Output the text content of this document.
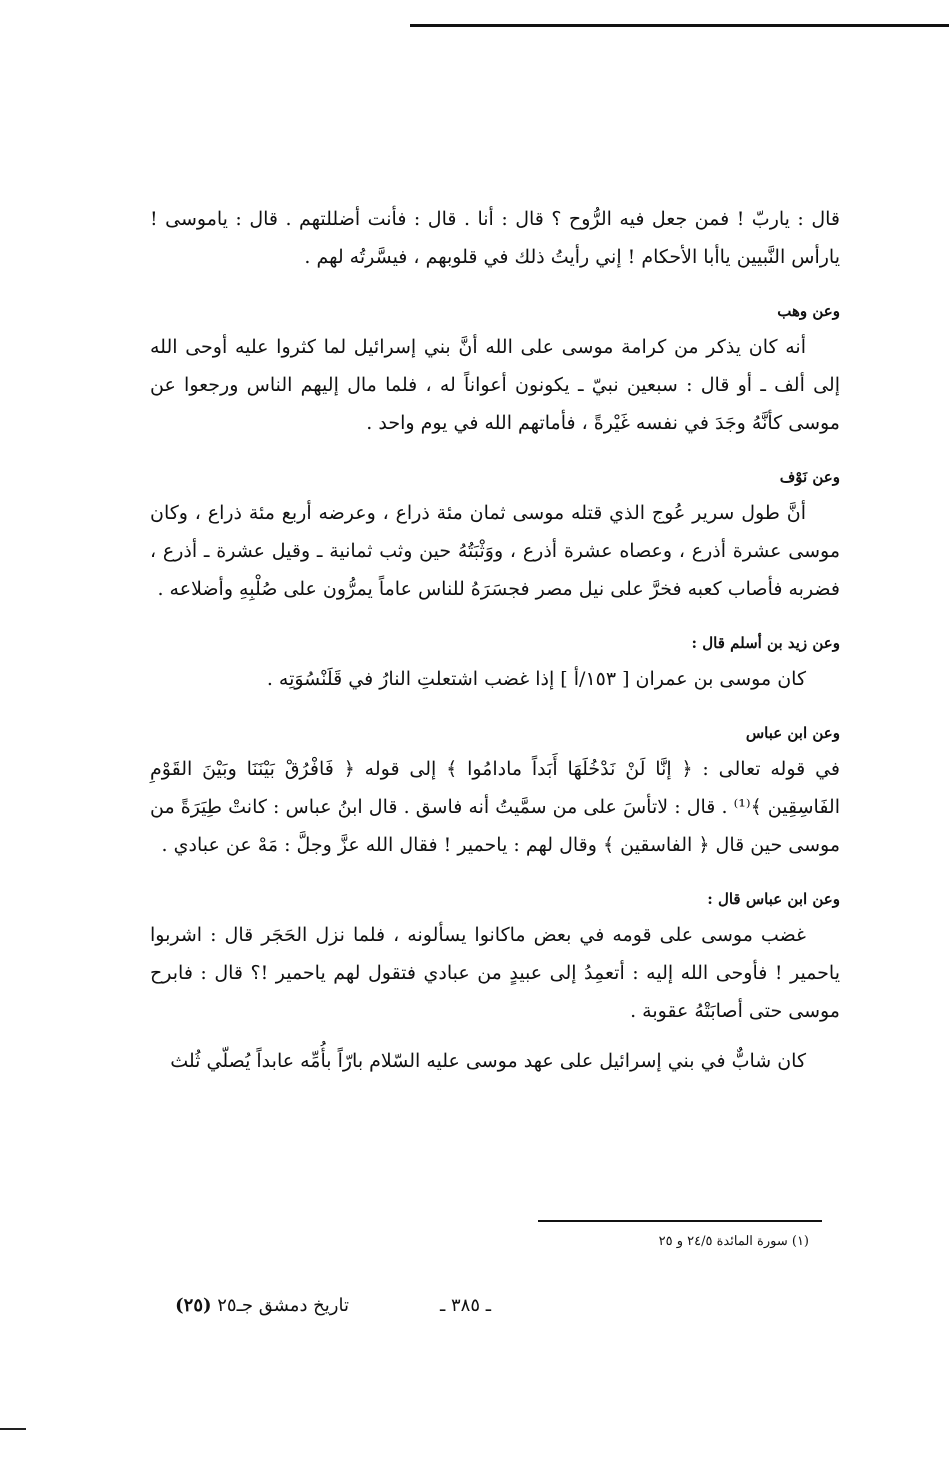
قال : ياربّ ! فمن جعل فيه الرُّوح ؟ قال : أنا . قال : فأنت أضللتهم . قال : ياموسى ! يارأس النَّبيين ياأبا الأحكام ! إني رأيتُ ذلك في قلوبهم ، فيسَّرتُه لهم .

وعن وهب

أنه كان يذكر من كرامة موسى على الله أنَّ بني إسرائيل لما كثروا عليه أوحى الله إلى ألف ـ أو قال : سبعين نبيّ ـ يكونون أعواناً له ، فلما مال إليهم الناس ورجعوا عن موسى كأنَّهُ وجَدَ في نفسه غَيْرةً ، فأماتهم الله في يوم واحد .

وعن نَوْف

أنَّ طول سرير عُوج الذي قتله موسى ثمان مئة ذراع ، وعرضه أربع مئة ذراع ، وكان موسى عشرة أذرع ، وعصاه عشرة أذرع ، ووَثْبَتُهُ حين وثب ثمانية ـ وقيل عشرة ـ أذرع ، فضربه فأصاب كعبه فخرَّ على نيل مصر فجسَرَهُ للناس عاماً يمرُّون على صُلْبِهِ وأضلاعه .

وعن زيد بن أسلم قال :

كان موسى بن عمران [ ١٥٣/أ ] إذا غضب اشتعلتِ النارُ في قَلَنْسُوَتِه .

وعن ابن عباس

في قوله تعالى : ﴿ إنَّا لَنْ نَدْخُلَهَا أَبَداً مادامُوا ﴾ إلى قوله ﴿ فَافْرُقْ بَيْنَنَا وبَيْنَ القَوْمِ الفَاسِقِين ﴾⁽¹⁾ . قال : لاتأسَ على من سمَّيتُ أنه فاسق . قال ابنُ عباس : كانتْ طِيَرَةً من موسى حين قال ﴿ الفاسقين ﴾ وقال لهم : ياحمير ! فقال الله عزَّ وجلَّ : مَهْ عن عبادي .

وعن ابن عباس قال :

غضب موسى على قومه في بعض ماكانوا يسألونه ، فلما نزل الحَجَر قال : اشربوا ياحمير ! فأوحى الله إليه : أتعمِدُ إلى عبيدٍ من عبادي فتقول لهم ياحمير !؟ قال : فابرح موسى حتى أصابَتْهُ عقوبة .

كان شابٌّ في بني إسرائيل على عهد موسى عليه السّلام بارّاً بأُمِّه عابداً يُصلّي ثُلث

(١) سورة المائدة ٢٤/٥ و ٢٥
تاريخ دمشق جـ٢٥ (٢٥)	ـ ٣٨٥ ـ
